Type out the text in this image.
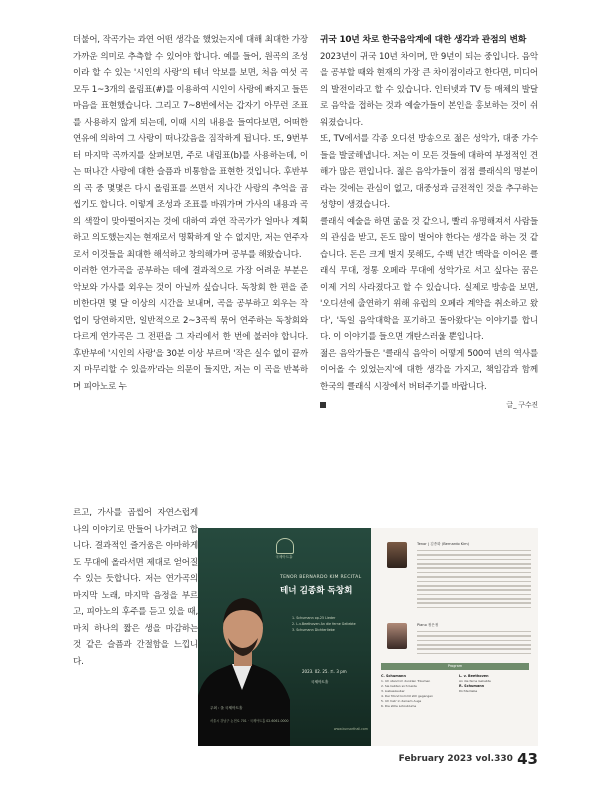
더불어, 작곡가는 과연 어떤 생각을 했었는지에 대해 최대한 가장 가까운 의미로 추측할 수 있어야 합니다. 예를 들어, 원곡의 조성이라 할 수 있는 '시인의 사랑'의 테너 악보를 보면, 처음 여섯 곡 모두 1~3개의 올림표(#)를 이용하여 시인이 사랑에 빠지고 들뜬 마음을 표현했습니다. 그리고 7~8번에서는 갑자기 아무런 조표를 사용하지 않게 되는데, 이때 시의 내용을 들여다보면, 어떠한 연유에 의하여 그 사랑이 떠나갔음을 짐작하게 됩니다. 또, 9번부터 마지막 곡까지를 살펴보면, 주로 내림표(b)를 사용하는데, 이는 떠나간 사랑에 대한 슬픔과 비통함을 표현한 것입니다. 후반부의 곡 중 몇몇은 다시 올림표를 쓰면서 지나간 사랑의 추억을 곱씹기도 합니다. 이렇게 조성과 조표를 바꿔가며 가사의 내용과 곡의 색깔이 맞아떨어지는 것에 대하여 과연 작곡가가 얼마나 계획하고 의도했는지는 현재로서 명확하게 알 수 없지만, 저는 연주자로서 이것들을 최대한 해석하고 창의해가며 공부를 해왔습니다.

이러한 연가곡을 공부하는 데에 결과적으로 가장 어려운 부분은 악보와 가사를 외우는 것이 아닐까 싶습니다. 독창회 한 편을 준비한다면 몇 달 이상의 시간을 보내며, 곡을 공부하고 외우는 작업이 당연하지만, 일반적으로 2~3곡씩 묶어 연주하는 독창회와 다르게 연가곡은 그 전편을 그 자리에서 한 번에 불러야 합니다. 후반부에 '시인의 사랑'을 30분 이상 부르며 '작은 실수 없이 끝까지 마무리할 수 있을까'라는 의문이 들지만, 저는 이 곡을 반복하며 피아노로 누

르고, 가사를 곱씹어 자연스럽게 나의 이야기로 만들어 나가려고 합니다. 결과적인 즐거움은 아마하게도 무대에 올라서면 제대로 얻어질 수 있는 듯합니다. 저는 연가곡의 마지막 노래, 마지막 음정을 부르고, 피아노의 후주를 듣고 있을 때, 마치 하나의 짧은 생을 마감하는 것 같은 슬픔과 간절함을 느낍니다.

귀국 10년 차로 한국음악계에 대한 생각과 관점의 변화

2023년이 귀국 10년 차이며, 만 9년이 되는 중입니다. 음악을 공부할 때와 현재의 가장 큰 차이점이라고 한다면, 미디어의 발전이라고 할 수 있습니다. 인터넷과 TV 등 매체의 발달로 음악을 접하는 것과 예술가들이 본인을 홍보하는 것이 쉬워졌습니다.

또, TV에서를 각종 오디션 방송으로 젊은 성악가, 대중 가수들을 발굴해냅니다. 저는 이 모든 것들에 대하여 부정적인 견해가 많은 편입니다. 젊은 음악가들이 점점 클래식의 명분이라는 것에는 관심이 없고, 대중성과 금전적인 것을 추구하는 성향이 생겼습니다.

클래식 예술을 하면 굶을 것 같으니, 빨리 유명해져서 사람들의 관심을 받고, 돈도 많이 벌어야 한다는 생각을 하는 것 같습니다. 돈은 크게 벌지 못해도, 수백 년간 맥락을 이어온 클래식 무대, 정통 오페라 무대에 성악가로 서고 싶다는 꿈은 이제 거의 사라졌다고 할 수 있습니다. 실제로 방송을 보면, '오디션에 출연하기 위해 유럽의 오페라 계약을 취소하고 왔다', '독일 음악대학을 포기하고 돌아왔다'는 이야기를 합니다. 이 이야기를 들으면 개탄스러울 뿐입니다.

젊은 음악가들은 '클래식 음악이 어떻게 500여 년의 역사를 이어올 수 있었는지'에 대한 생각을 가지고, 책임감과 함께 한국의 클래식 시장에서 버텨주기를 바랍니다.

글_ 구수진
국제아트홀
TENOR BERNARDO KIM RECITAL
테너 김종화 독창회
1. Schumann op.25 Lieder
2. L.v.Beethoven An die ferne Geliebte
3. Schumann Dichterliebe
2023. 02. 25. 토. 3 pm
국제아트홀
주최 : 을 국제아트홀
서울시 강남구 논현로 701 · 국제아트홀 02.6061.0000
www.kunsarthall.com
Tenor | 김종화 (Bernardo Kim)
Piano 정은정
Program
C. Schumann
1. Ich stand im dunklen Träumen
2. Sie liebten sich beide
3. Liebeszauber
4. Der Mond kommt still gegangen
5. Ich hab' in deinem Auge
6. Die stille Lotosblume
L. v. Beethoven
An die ferne Geliebte
R. Schumann
Dichterliebe
February 2023 vol.330 43
